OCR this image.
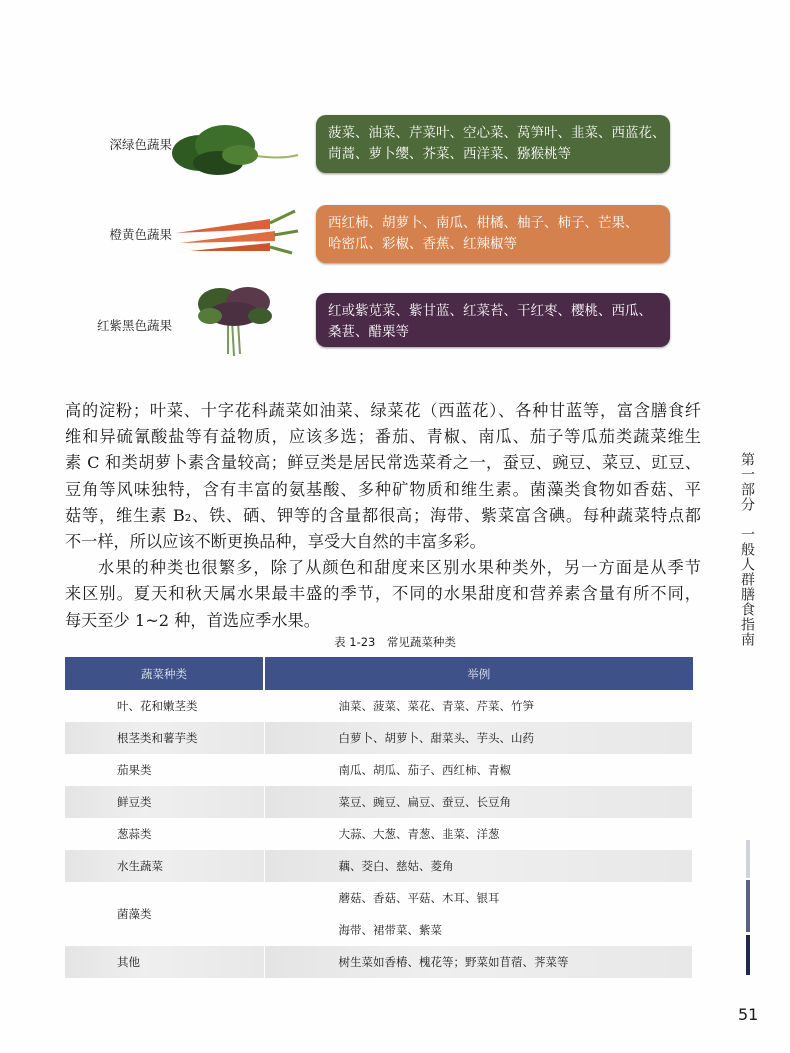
深绿色蔬果
菠菜、油菜、芹菜叶、空心菜、莴笋叶、韭菜、西蓝花、
茼蒿、萝卜缨、芥菜、西洋菜、猕猴桃等
橙黄色蔬果
西红柿、胡萝卜、南瓜、柑橘、柚子、柿子、芒果、
哈密瓜、彩椒、香蕉、红辣椒等
红紫黑色蔬果
红或紫苋菜、紫甘蓝、红菜苔、干红枣、樱桃、西瓜、
桑葚、醋栗等
高的淀粉；叶菜、十字花科蔬菜如油菜、绿菜花（西蓝花）、各种甘蓝等，富含膳食纤
维和异硫氰酸盐等有益物质，应该多选；番茄、青椒、南瓜、茄子等瓜茄类蔬菜维生
素 C 和类胡萝卜素含量较高；鲜豆类是居民常选菜肴之一，蚕豆、豌豆、菜豆、豇豆、
豆角等风味独特，含有丰富的氨基酸、多种矿物质和维生素。菌藻类食物如香菇、平
菇等，维生素 B₂、铁、硒、钾等的含量都很高；海带、紫菜富含碘。每种蔬菜特点都
不一样，所以应该不断更换品种，享受大自然的丰富多彩。
水果的种类也很繁多，除了从颜色和甜度来区别水果种类外，另一方面是从季节
来区别。夏天和秋天属水果最丰盛的季节，不同的水果甜度和营养素含量有所不同，
每天至少 1~2 种，首选应季水果。
表 1-23　常见蔬菜种类
蔬菜种类	举例
叶、花和嫩茎类	油菜、菠菜、菜花、青菜、芹菜、竹笋
根茎类和薯芋类	白萝卜、胡萝卜、甜菜头、芋头、山药
茄果类	南瓜、胡瓜、茄子、西红柿、青椒
鲜豆类	菜豆、豌豆、扁豆、蚕豆、长豆角
葱蒜类	大蒜、大葱、青葱、韭菜、洋葱
水生蔬菜	藕、茭白、慈姑、菱角
菌藻类	蘑菇、香菇、平菇、木耳、银耳
	海带、裙带菜、紫菜
其他	树生菜如香椿、槐花等；野菜如苜蓿、荠菜等
第一部分　一般人群膳食指南
51
